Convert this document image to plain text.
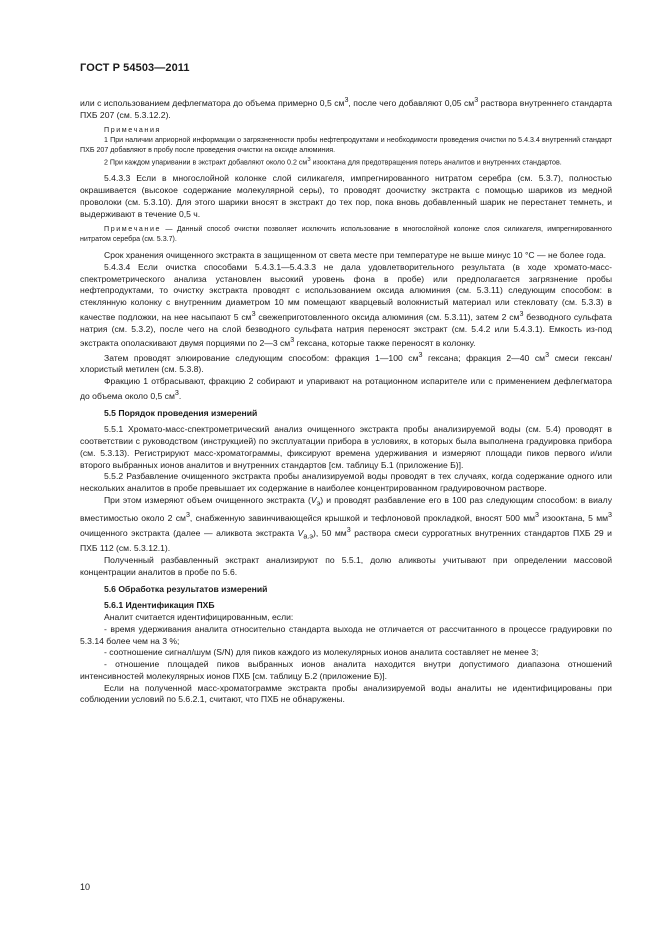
ГОСТ Р 54503—2011

или с использованием дефлегматора до объема примерно 0,5 $см^3$, после чего добавляют 0,05 $см^3$ раствора внутреннего стандарта ПХБ 207 (см. 5.3.12.2).

Примечания

1 При наличии априорной информации о загрязненности пробы нефтепродуктами и необходимости проведения очистки по 5.4.3.4 внутренний стандарт ПХБ 207 добавляют в пробу после проведения очистки на оксиде алюминия.

2 При каждом упаривании в экстракт добавляют около 0.2 $см^3$ изооктана для предотвращения потерь аналитов и внутренних стандартов.

5.4.3.3 Если в многослойной колонке слой силикагеля, импрегнированного нитратом серебра (см. 5.3.7), полностью окрашивается (высокое содержание молекулярной серы), то проводят доочистку экстракта с помощью шариков из медной проволоки (см. 5.3.10). Для этого шарики вносят в экстракт до тех пор, пока вновь добавленный шарик не перестанет темнеть, и выдерживают в течение 0,5 ч.

Примечание — Данный способ очистки позволяет исключить использование в многослойной колонке слоя силикагеля, импрегнированного нитратом серебра (см. 5.3.7).

Срок хранения очищенного экстракта в защищенном от света месте при температуре не выше минус 10 °C — не более года.

5.4.3.4 Если очистка способами 5.4.3.1—5.4.3.3 не дала удовлетворительного результата (в ходе хромато-масс-спектрометрического анализа установлен высокий уровень фона в пробе) или предполагается загрязнение пробы нефтепродуктами, то очистку экстракта проводят с использованием оксида алюминия (см. 5.3.11) следующим способом: в стеклянную колонку с внутренним диаметром 10 мм помещают кварцевый волокнистый материал или стекловату (см. 5.3.3) в качестве подложки, на нее насыпают 5 $см^3$ свежеприготовленного оксида алюминия (см. 5.3.11), затем 2 $см^3$ безводного сульфата натрия (см. 5.3.2), после чего на слой безводного сульфата натрия переносят экстракт (см. 5.4.2 или 5.4.3.1). Емкость из-под экстракта ополаскивают двумя порциями по 2—3 $см^3$ гексана, которые также переносят в колонку.

Затем проводят элюирование следующим способом: фракция 1—100 $см^3$ гексана; фракция 2—40 $см^3$ смеси гексан/хлористый метилен (см. 5.3.8).

Фракцию 1 отбрасывают, фракцию 2 собирают и упаривают на ротационном испарителе или с применением дефлегматора до объема около 0,5 $см^3$.

5.5 Порядок проведения измерений

5.5.1 Хромато-масс-спектрометрический анализ очищенного экстракта пробы анализируемой воды (см. 5.4) проводят в соответствии с руководством (инструкцией) по эксплуатации прибора в условиях, в которых была выполнена градуировка прибора (см. 5.3.13). Регистрируют масс-хроматограммы, фиксируют времена удерживания и измеряют площади пиков первого и/или второго выбранных ионов аналитов и внутренних стандартов [см. таблицу Б.1 (приложение Б)].

5.5.2 Разбавление очищенного экстракта пробы анализируемой воды проводят в тех случаях, когда содержание одного или нескольких аналитов в пробе превышает их содержание в наиболее концентрированном градуировочном растворе.

При этом измеряют объем очищенного экстракта $(V_э)$ и проводят разбавление его в 100 раз следующим способом: в виалу вместимостью около 2 $см^3$, снабженную завинчивающейся крышкой и тефлоновой прокладкой, вносят 500 $мм^3$ изооктана, 5 $мм^3$ очищенного экстракта (далее — аликвота экстракта $V_{а.э}$), 50 $мм^3$ раствора смеси суррогатных внутренних стандартов ПХБ 29 и ПХБ 112 (см. 5.3.12.1).

Полученный разбавленный экстракт анализируют по 5.5.1, долю аликвоты учитывают при определении массовой концентрации аналитов в пробе по 5.6.

5.6 Обработка результатов измерений

5.6.1 Идентификация ПХБ

Аналит считается идентифицированным, если:

- время удерживания аналита относительно стандарта выхода не отличается от рассчитанного в процессе градуировки по 5.3.14 более чем на 3 %;

- соотношение сигнал/шум (S/N) для пиков каждого из молекулярных ионов аналита составляет не менее 3;

- отношение площадей пиков выбранных ионов аналита находится внутри допустимого диапазона отношений интенсивностей молекулярных ионов ПХБ [см. таблицу Б.2 (приложение Б)].

Если на полученной масс-хроматограмме экстракта пробы анализируемой воды аналиты не идентифицированы при соблюдении условий по 5.6.2.1, считают, что ПХБ не обнаружены.

10
